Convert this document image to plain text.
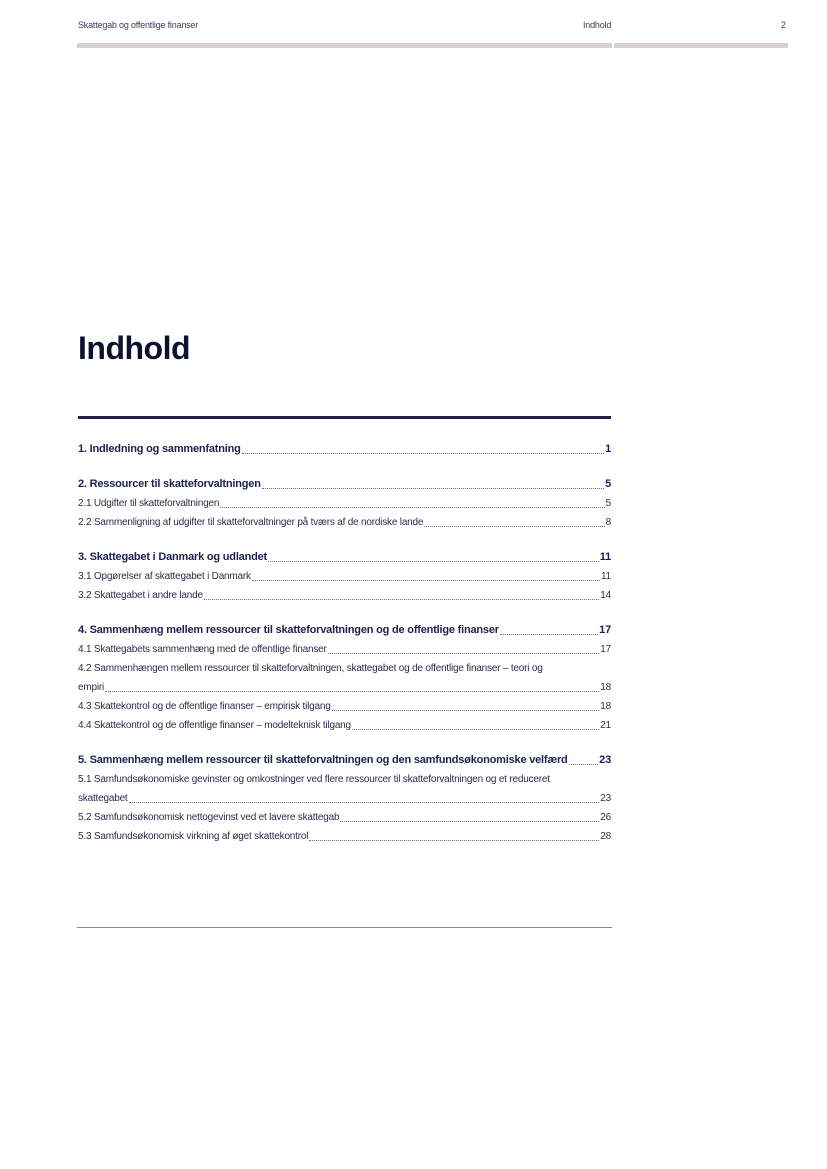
Skattegab og offentlige finanser	Indhold	2
Indhold
1. Indledning og sammenfatning	1
2. Ressourcer til skatteforvaltningen	5
2.1 Udgifter til skatteforvaltningen	5
2.2 Sammenligning af udgifter til skatteforvaltninger på tværs af de nordiske lande	8
3. Skattegabet i Danmark og udlandet	11
3.1 Opgørelser af skattegabet i Danmark	11
3.2 Skattegabet i andre lande	14
4. Sammenhæng mellem ressourcer til skatteforvaltningen og de offentlige finanser	17
4.1 Skattegabets sammenhæng med de offentlige finanser	17
4.2 Sammenhængen mellem ressourcer til skatteforvaltningen, skattegabet og de offentlige finanser – teori og
empiri	18
4.3 Skattekontrol og de offentlige finanser – empirisk tilgang	18
4.4 Skattekontrol og de offentlige finanser – modelteknisk tilgang	21
5. Sammenhæng mellem ressourcer til skatteforvaltningen og den samfundsøkonomiske velfærd	23
5.1 Samfundsøkonomiske gevinster og omkostninger ved flere ressourcer til skatteforvaltningen og et reduceret
skattegabet	23
5.2 Samfundsøkonomisk nettogevinst ved et lavere skattegab	26
5.3 Samfundsøkonomisk virkning af øget skattekontrol	28
